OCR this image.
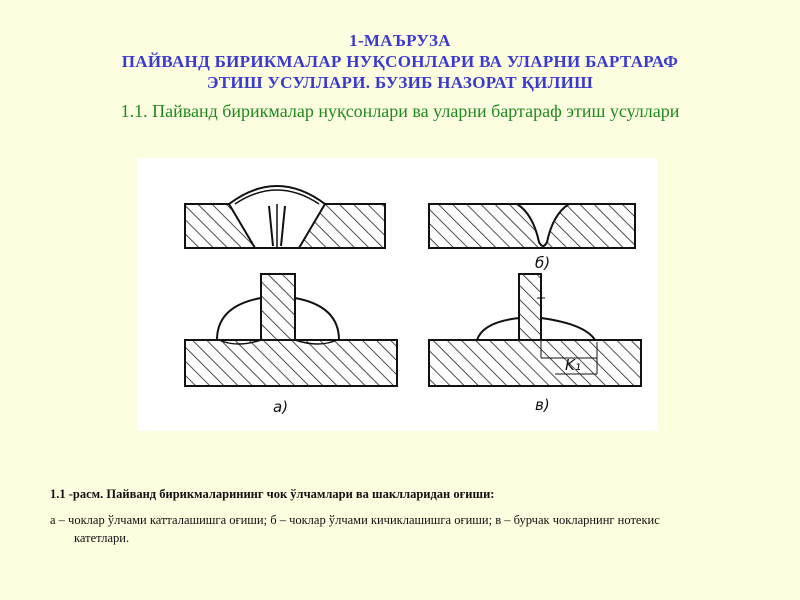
1-МАЪРУЗА
ПАЙВАНД БИРИКМАЛАР НУҚСОНЛАРИ ВА УЛАРНИ БАРТАРАФ
ЭТИШ УСУЛЛАРИ. БУЗИБ НАЗОРАТ ҚИЛИШ
1.1. Пайванд бирикмалар нуқсонлари ва уларни бартараф этиш усуллари
б)
а)
K₁
в)
1.1 -расм. Пайванд бирикмаларининг чок ўлчамлари ва шаклларидан оғиши:
а – чоклар ўлчами катталашишга оғиши; б – чоклар ўлчами кичиклашишга оғиши; в – бурчак чокларнинг нотекис
катетлари.
